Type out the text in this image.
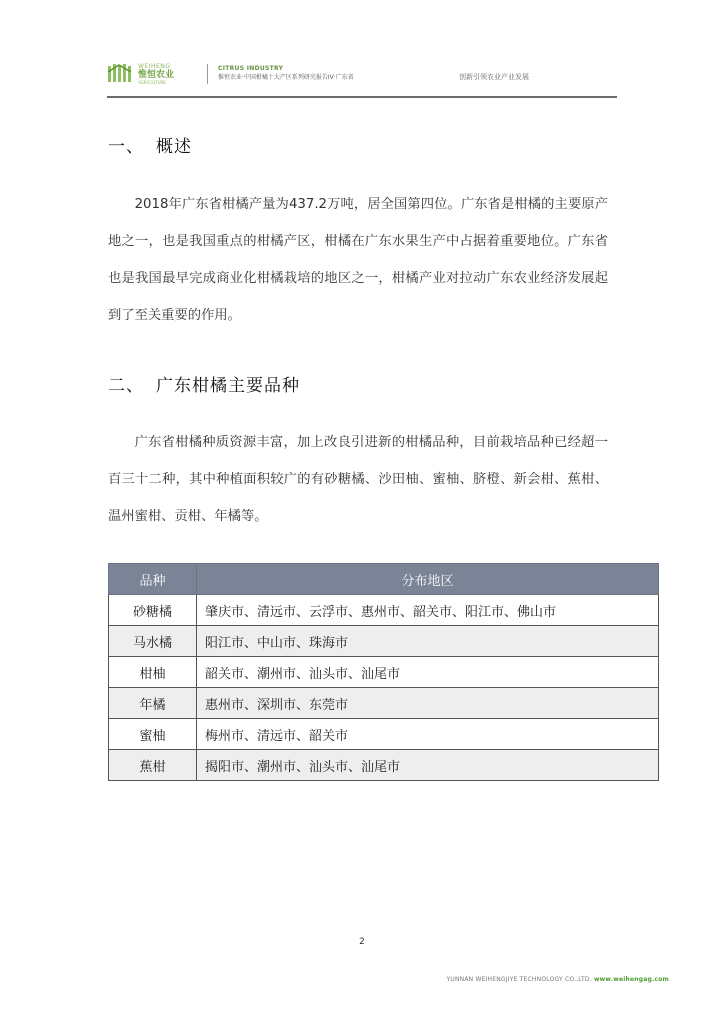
WEIHENG
惟恒农业
AGRICULTURE
CITRUS INDUSTRY
惟恒农业·中国柑橘十大产区系列研究报告IV·广东省	创新引领农业产业发展
一、 概述
2018年广东省柑橘产量为437.2万吨，居全国第四位。广东省是柑橘的主要原产地之一，也是我国重点的柑橘产区，柑橘在广东水果生产中占据着重要地位。广东省也是我国最早完成商业化柑橘栽培的地区之一，柑橘产业对拉动广东农业经济发展起到了至关重要的作用。
二、 广东柑橘主要品种
广东省柑橘种质资源丰富，加上改良引进新的柑橘品种，目前栽培品种已经超一百三十二种，其中种植面积较广的有砂糖橘、沙田柚、蜜柚、脐橙、新会柑、蕉柑、温州蜜柑、贡柑、年橘等。
品种	分布地区
砂糖橘	肇庆市、清远市、云浮市、惠州市、韶关市、阳江市、佛山市
马水橘	阳江市、中山市、珠海市
柑柚	韶关市、潮州市、汕头市、汕尾市
年橘	惠州市、深圳市、东莞市
蜜柚	梅州市、清远市、韶关市
蕉柑	揭阳市、潮州市、汕头市、汕尾市
2
YUNNAN WEIHENGJIYE TECHNOLOGY CO.,LTD. www.weihengag.com
